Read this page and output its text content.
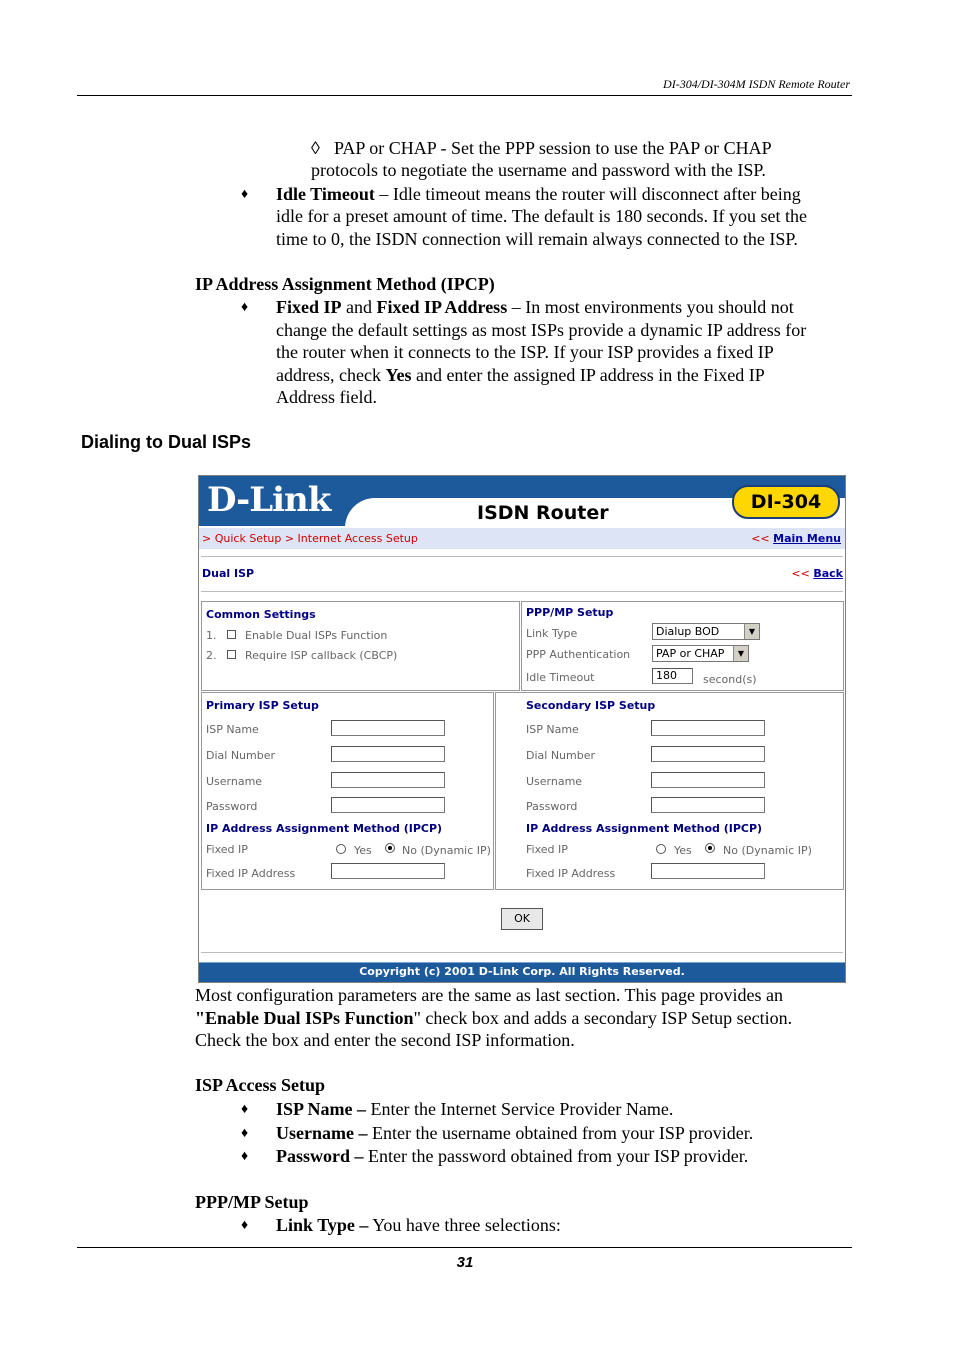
DI-304/DI-304M ISDN Remote Router
◊ PAP or CHAP - Set the PPP session to use the PAP or CHAP
protocols to negotiate the username and password with the ISP.
♦ Idle Timeout – Idle timeout means the router will disconnect after being
idle for a preset amount of time. The default is 180 seconds. If you set the
time to 0, the ISDN connection will remain always connected to the ISP.
IP Address Assignment Method (IPCP)
♦ Fixed IP and Fixed IP Address – In most environments you should not
change the default settings as most ISPs provide a dynamic IP address for
the router when it connects to the ISP. If your ISP provides a fixed IP
address, check Yes and enter the assigned IP address in the Fixed IP
Address field.
Dialing to Dual ISPs
D-Link	ISDN Router	DI-304
> Quick Setup > Internet Access Setup	<< Main Menu
Dual ISP	<< Back
Common Settings
1.	Enable Dual ISPs Function
2.	Require ISP callback (CBCP)
PPP/MP Setup
Link Type	Dialup BOD	▼
PPP Authentication	PAP or CHAP	▼
Idle Timeout	180	second(s)
Primary ISP Setup
ISP Name
Dial Number
Username
Password
IP Address Assignment Method (IPCP)
Fixed IP	Yes	No (Dynamic IP)
Fixed IP Address
Secondary ISP Setup
ISP Name
Dial Number
Username
Password
IP Address Assignment Method (IPCP)
Fixed IP	Yes	No (Dynamic IP)
Fixed IP Address
OK
Copyright (c) 2001 D-Link Corp. All Rights Reserved.
Most configuration parameters are the same as last section. This page provides an
"Enable Dual ISPs Function" check box and adds a secondary ISP Setup section.
Check the box and enter the second ISP information.
ISP Access Setup
♦ ISP Name – Enter the Internet Service Provider Name.
♦ Username – Enter the username obtained from your ISP provider.
♦ Password – Enter the password obtained from your ISP provider.
PPP/MP Setup
♦ Link Type – You have three selections:
31
